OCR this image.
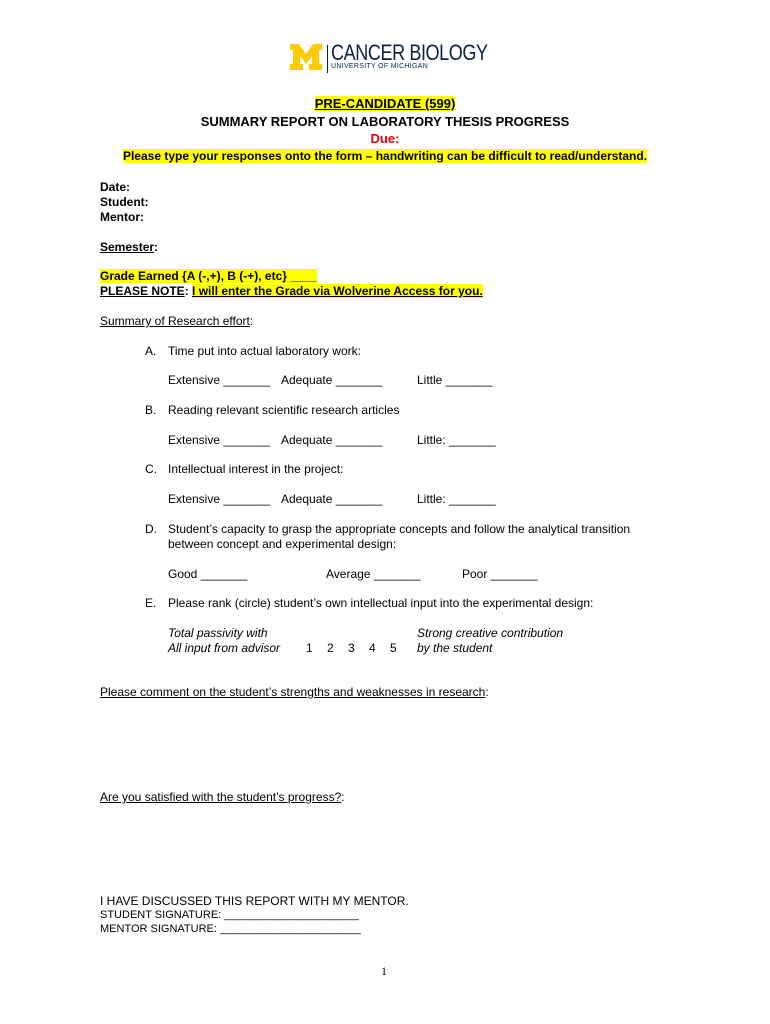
CANCER BIOLOGY
UNIVERSITY OF MICHIGAN
PRE-CANDIDATE (599)
SUMMARY REPORT ON LABORATORY THESIS PROGRESS
Due:
Please type your responses onto the form – handwriting can be difficult to read/understand.
Date:
Student:
Mentor:
Semester:
Grade Earned {A (-,+), B (-+), etc} ____
PLEASE NOTE: I will enter the Grade via Wolverine Access for you.
Summary of Research effort:
A. Time put into actual laboratory work:
Extensive _______ Adequate _______	Little _______
B. Reading relevant scientific research articles
Extensive _______ Adequate _______	Little: _______
C. Intellectual interest in the project:
Extensive _______ Adequate _______	Little: _______
D. Student’s capacity to grasp the appropriate concepts and follow the analytical transition
between concept and experimental design:
Good _______	Average _______	Poor _______
E. Please rank (circle) student’s own intellectual input into the experimental design:
Total passivity with
All input from advisor 1 2 3 4 5
Strong creative contribution
by the student
Please comment on the student’s strengths and weaknesses in research:
Are you satisfied with the student’s progress?:
I HAVE DISCUSSED THIS REPORT WITH MY MENTOR.
STUDENT SIGNATURE: ______________________
MENTOR SIGNATURE: _______________________
1
